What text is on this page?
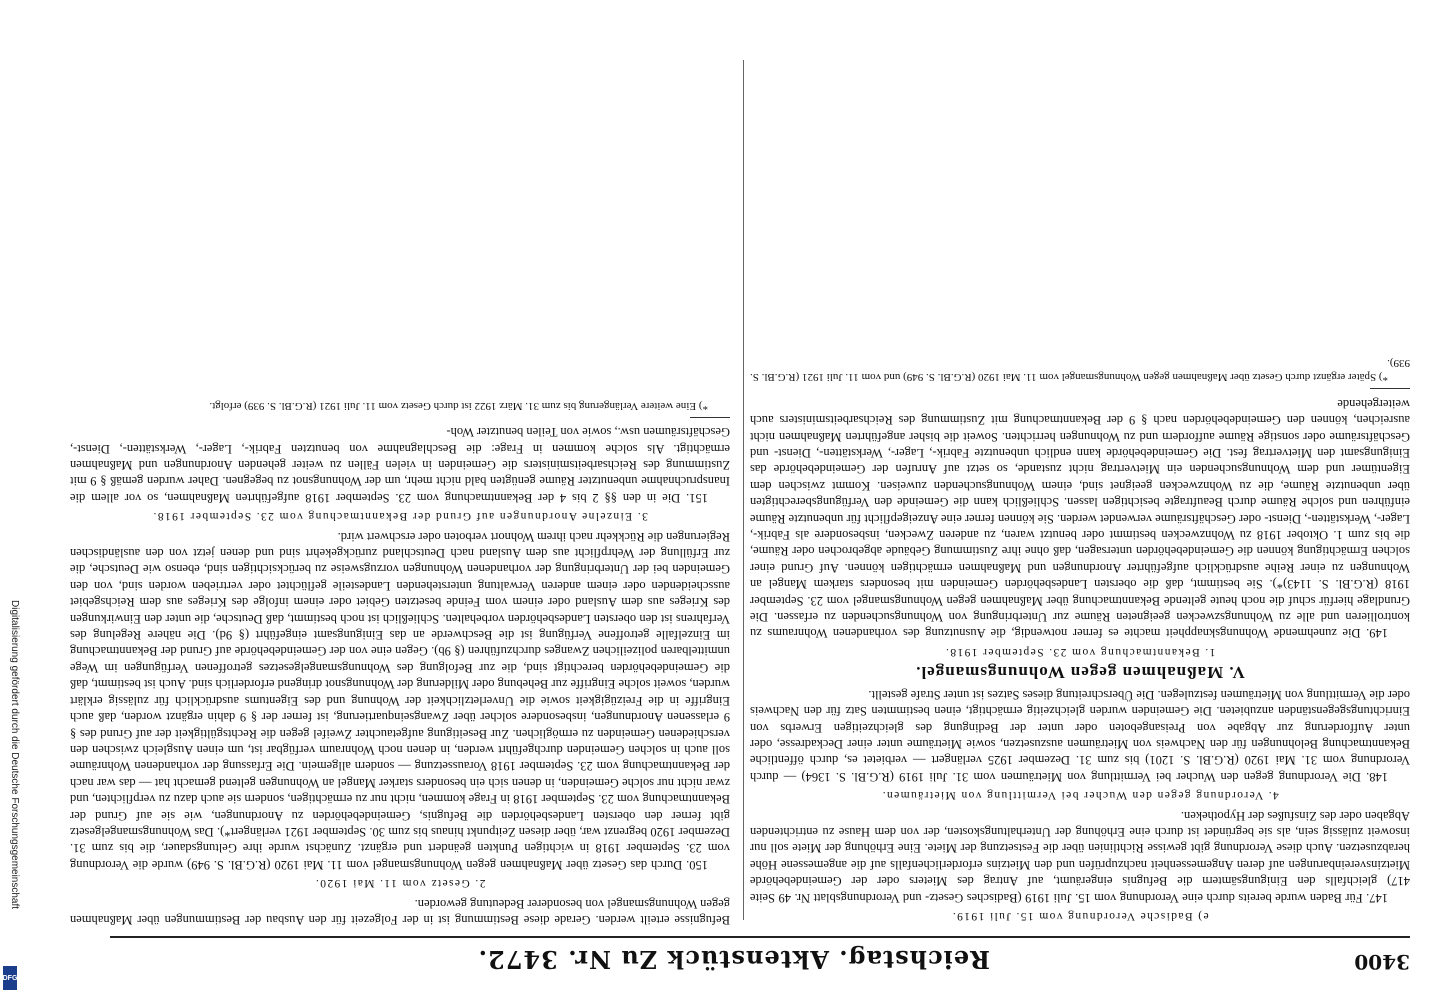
3400
Reichstag. Aktenstück Zu Nr. 3472.
e) Badische Verordnung vom 15. Juli 1919.

147. Für Baden wurde bereits durch eine Verordnung vom 15. Juli 1919 (Badisches Gesetz- und Verordnungsblatt Nr. 49 Seite 417) gleichfalls den Einigungsämtern die Befugnis eingeräumt, auf Antrag des Mieters oder der Gemeindebehörde Mietzinsvereinbarungen auf deren Angemessenheit nachzuprüfen und den Mietzins erforderlichenfalls auf die angemessene Höhe herabzusetzen. Auch diese Verordnung gibt gewisse Richtlinien über die Festsetzung der Miete. Eine Erhöhung der Miete soll nur insoweit zulässig sein, als sie begründet ist durch eine Erhöhung der Unterhaltungskosten, der von dem Hause zu entrichtenden Abgaben oder des Zinsfußes der Hypotheken.

4. Verordnung gegen den Wucher bei Vermittlung von Mieträumen.

148. Die Verordnung gegen den Wucher bei Vermittlung von Mieträumen vom 31. Juli 1919 (R.G.Bl. S. 1364) — durch Verordnung vom 31. Mai 1920 (R.G.Bl. S. 1201) bis zum 31. Dezember 1925 verlängert — verbietet es, durch öffentliche Bekanntmachung Belohnungen für den Nachweis von Mieträumen auszusetzen, sowie Mieträume unter einer Deckadresse, oder unter Aufforderung zur Abgabe von Preisangeboten oder unter der Bedingung des gleichzeitigen Erwerbs von Einrichtungsgegenständen anzubieten. Die Gemeinden wurden gleichzeitig ermächtigt, einen bestimmten Satz für den Nachweis oder die Vermittlung von Mieträumen festzulegen. Die Überschreitung dieses Satzes ist unter Strafe gestellt.

V. Maßnahmen gegen Wohnungsmangel.
1. Bekanntmachung vom 23. September 1918.

149. Die zunehmende Wohnungsknappheit machte es ferner notwendig, die Ausnutzung des vorhandenen Wohnraums zu kontrollieren und alle zu Wohnungszwecken geeigneten Räume zur Unterbringung von Wohnungsuchenden zu erfassen. Die Grundlage hierfür schuf die noch heute geltende Bekanntmachung über Maßnahmen gegen Wohnungsmangel vom 23. September 1918 (R.G.Bl. S. 1143)*). Sie bestimmt, daß die obersten Landesbehörden Gemeinden mit besonders starkem Mangel an Wohnungen zu einer Reihe ausdrücklich aufgeführter Anordnungen und Maßnahmen ermächtigen können. Auf Grund einer solchen Ermächtigung können die Gemeindebehörden untersagen, daß ohne ihre Zustimmung Gebäude abgebrochen oder Räume, die bis zum 1. Oktober 1918 zu Wohnzwecken bestimmt oder benutzt waren, zu anderen Zwecken, insbesondere als Fabrik-, Lager-, Werkstätten-, Dienst- oder Geschäftsräume verwendet werden. Sie können ferner eine Anzeigepflicht für unbenutzte Räume einführen und solche Räume durch Beauftragte besichtigen lassen. Schließlich kann die Gemeinde den Verfügungsberechtigten über unbenutzte Räume, die zu Wohnzwecken geeignet sind, einem Wohnungsuchenden zuweisen. Kommt zwischen dem Eigentümer und dem Wohnungsuchenden ein Mietvertrag nicht zustande, so setzt auf Anrufen der Gemeindebehörde das Einigungsamt den Mietvertrag fest. Die Gemeindebehörde kann endlich unbenutzte Fabrik-, Lager-, Werkstätten-, Dienst- und Geschäftsräume oder sonstige Räume auffordern und zu Wohnungen herrichten. Soweit die bisher angeführten Maßnahmen nicht ausreichen, können den Gemeindebehörden nach § 9 der Bekanntmachung mit Zustimmung des Reichsarbeitsministers auch weitergehende

*) Später ergänzt durch Gesetz über Maßnahmen gegen Wohnungsmangel vom 11. Mai 1920 (R.G.Bl. S. 949) und vom 11. Juli 1921 (R.G.Bl. S. 939).

Befugnisse erteilt werden. Gerade diese Bestimmung ist in der Folgezeit für den Ausbau der Bestimmungen über Maßnahmen gegen Wohnungsmangel von besonderer Bedeutung geworden.

2. Gesetz vom 11. Mai 1920.

150. Durch das Gesetz über Maßnahmen gegen Wohnungsmangel vom 11. Mai 1920 (R.G.Bl. S. 949) wurde die Verordnung vom 23. September 1918 in wichtigen Punkten geändert und ergänzt. Zunächst wurde ihre Geltungsdauer, die bis zum 31. Dezember 1920 begrenzt war, über diesen Zeitpunkt hinaus bis zum 30. September 1921 verlängert*). Das Wohnungsmangelgesetz gibt ferner den obersten Landesbehörden die Befugnis, Gemeindebehörden zu Anordnungen, wie sie auf Grund der Bekanntmachung vom 23. September 1918 in Frage kommen, nicht nur zu ermächtigen, sondern sie auch dazu zu verpflichten, und zwar nicht nur solche Gemeinden, in denen sich ein besonders starker Mangel an Wohnungen geltend gemacht hat — das war nach der Bekanntmachung vom 23. September 1918 Voraussetzung — sondern allgemein. Die Erfassung der vorhandenen Wohnräume soll auch in solchen Gemeinden durchgeführt werden, in denen noch Wohnraum verfügbar ist, um einen Ausgleich zwischen den verschiedenen Gemeinden zu ermöglichen. Zur Beseitigung aufgetauchter Zweifel gegen die Rechtsgültigkeit der auf Grund des § 9 erlassenen Anordnungen, insbesondere solcher über Zwangseinquartierung, ist ferner der § 9 dahin ergänzt worden, daß auch Eingriffe in die Freizügigkeit sowie die Unverletzlichkeit der Wohnung und des Eigentums ausdrücklich für zulässig erklärt wurden, soweit solche Eingriffe zur Behebung oder Milderung der Wohnungsnot dringend erforderlich sind. Auch ist bestimmt, daß die Gemeindebehörden berechtigt sind, die zur Befolgung des Wohnungsmangelgesetzes getroffenen Verfügungen im Wege unmittelbaren polizeilichen Zwanges durchzuführen (§ 9b). Gegen eine von der Gemeindebehörde auf Grund der Bekanntmachung im Einzelfalle getroffene Verfügung ist die Beschwerde an das Einigungsamt eingeführt (§ 9d). Die nähere Regelung des Verfahrens ist den obersten Landesbehörden vorbehalten. Schließlich ist noch bestimmt, daß Deutsche, die unter den Einwirkungen des Krieges aus dem Ausland oder einem vom Feinde besetzten Gebiet oder einem infolge des Krieges aus dem Reichsgebiet ausscheidenden oder einem anderen Verwaltung unterstehenden Landesteile geflüchtet oder vertrieben worden sind, von den Gemeinden bei der Unterbringung der vorhandenen Wohnungen vorzugsweise zu berücksichtigen sind, ebenso wie Deutsche, die zur Erfüllung der Wehrpflicht aus dem Ausland nach Deutschland zurückgekehrt sind und denen jetzt von den ausländischen Regierungen die Rückkehr nach ihrem Wohnort verboten oder erschwert wird.

3. Einzelne Anordnungen auf Grund der Bekanntmachung vom 23. September 1918.

151. Die in den §§ 2 bis 4 der Bekanntmachung vom 23. September 1918 aufgeführten Maßnahmen, so vor allem die Inanspruchnahme unbenutzter Räume genügten bald nicht mehr, um der Wohnungsnot zu begegnen. Daher wurden gemäß § 9 mit Zustimmung des Reichsarbeitsministers die Gemeinden in vielen Fällen zu weiter gehenden Anordnungen und Maßnahmen ermächtigt. Als solche kommen in Frage: die Beschlagnahme von benutzten Fabrik-, Lager-, Werkstätten-, Dienst-, Geschäftsräumen usw., sowie von Teilen benutzter Woh-

*) Eine weitere Verlängerung bis zum 31. März 1922 ist durch Gesetz vom 11. Juli 1921 (R.G.Bl. S. 939) erfolgt.
Digitalisierung gefördert durch die Deutsche Forschungsgemeinschaft
DFG
